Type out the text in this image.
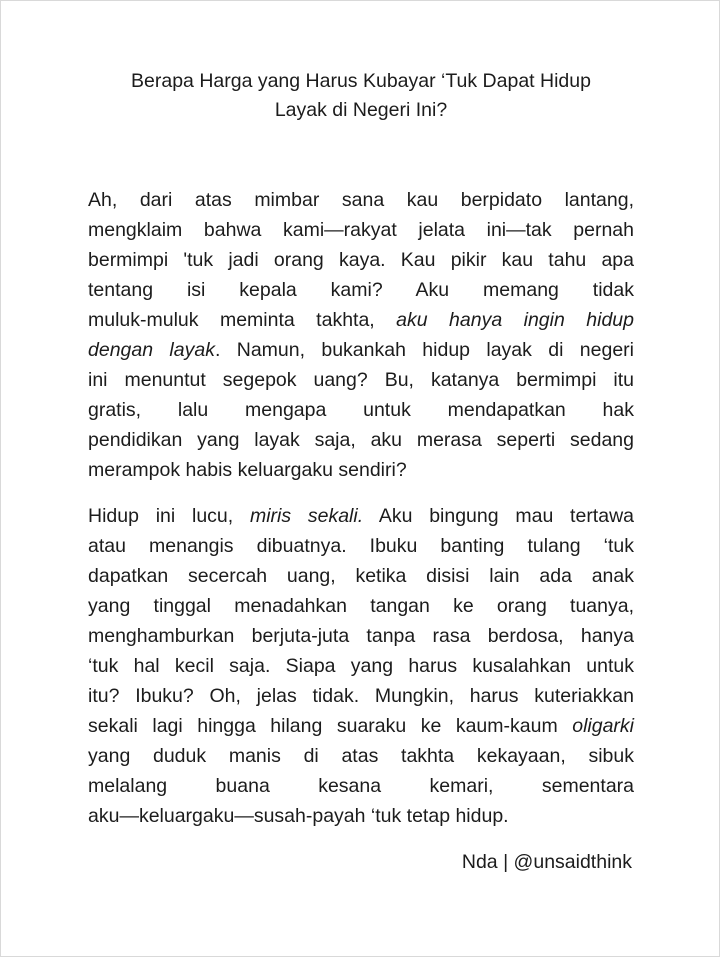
Berapa Harga yang Harus Kubayar ‘Tuk Dapat Hidup
Layak di Negeri Ini?

Ah, dari atas mimbar sana kau berpidato lantang,
mengklaim bahwa kami—rakyat jelata ini—tak pernah
bermimpi 'tuk jadi orang kaya. Kau pikir kau tahu apa
tentang isi kepala kami? Aku memang tidak
muluk-muluk meminta takhta, aku hanya ingin hidup
dengan layak. Namun, bukankah hidup layak di negeri
ini menuntut segepok uang? Bu, katanya bermimpi itu
gratis, lalu mengapa untuk mendapatkan hak
pendidikan yang layak saja, aku merasa seperti sedang
merampok habis keluargaku sendiri?

Hidup ini lucu, miris sekali. Aku bingung mau tertawa
atau menangis dibuatnya. Ibuku banting tulang ‘tuk
dapatkan secercah uang, ketika disisi lain ada anak
yang tinggal menadahkan tangan ke orang tuanya,
menghamburkan berjuta-juta tanpa rasa berdosa, hanya
‘tuk hal kecil saja. Siapa yang harus kusalahkan untuk
itu? Ibuku? Oh, jelas tidak. Mungkin, harus kuteriakkan
sekali lagi hingga hilang suaraku ke kaum-kaum oligarki
yang duduk manis di atas takhta kekayaan, sibuk
melalang buana kesana kemari, sementara
aku—keluargaku—susah-payah ‘tuk tetap hidup.

Nda | @unsaidthink
